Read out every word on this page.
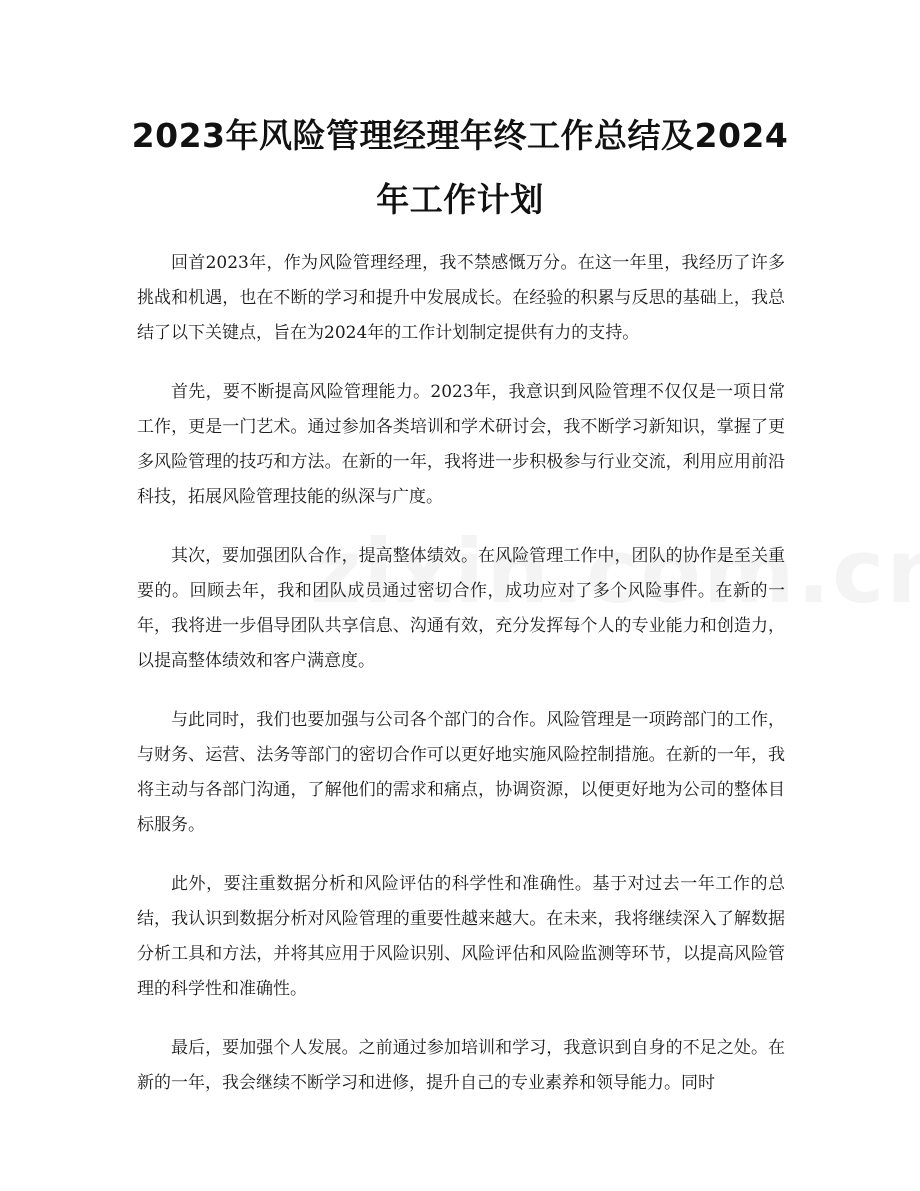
2023年风险管理经理年终工作总结及2024年工作计划

回首2023年，作为风险管理经理，我不禁感慨万分。在这一年里，我经历了许多挑战和机遇，也在不断的学习和提升中发展成长。在经验的积累与反思的基础上，我总结了以下关键点，旨在为2024年的工作计划制定提供有力的支持。

首先，要不断提高风险管理能力。2023年，我意识到风险管理不仅仅是一项日常工作，更是一门艺术。通过参加各类培训和学术研讨会，我不断学习新知识，掌握了更多风险管理的技巧和方法。在新的一年，我将进一步积极参与行业交流，利用应用前沿科技，拓展风险管理技能的纵深与广度。

其次，要加强团队合作，提高整体绩效。在风险管理工作中，团队的协作是至关重要的。回顾去年，我和团队成员通过密切合作，成功应对了多个风险事件。在新的一年，我将进一步倡导团队共享信息、沟通有效，充分发挥每个人的专业能力和创造力，以提高整体绩效和客户满意度。

与此同时，我们也要加强与公司各个部门的合作。风险管理是一项跨部门的工作，与财务、运营、法务等部门的密切合作可以更好地实施风险控制措施。在新的一年，我将主动与各部门沟通，了解他们的需求和痛点，协调资源，以便更好地为公司的整体目标服务。

此外，要注重数据分析和风险评估的科学性和准确性。基于对过去一年工作的总结，我认识到数据分析对风险管理的重要性越来越大。在未来，我将继续深入了解数据分析工具和方法，并将其应用于风险识别、风险评估和风险监测等环节，以提高风险管理的科学性和准确性。

最后，要加强个人发展。之前通过参加培训和学习，我意识到自身的不足之处。在新的一年，我会继续不断学习和进修，提升自己的专业素养和领导能力。同时
